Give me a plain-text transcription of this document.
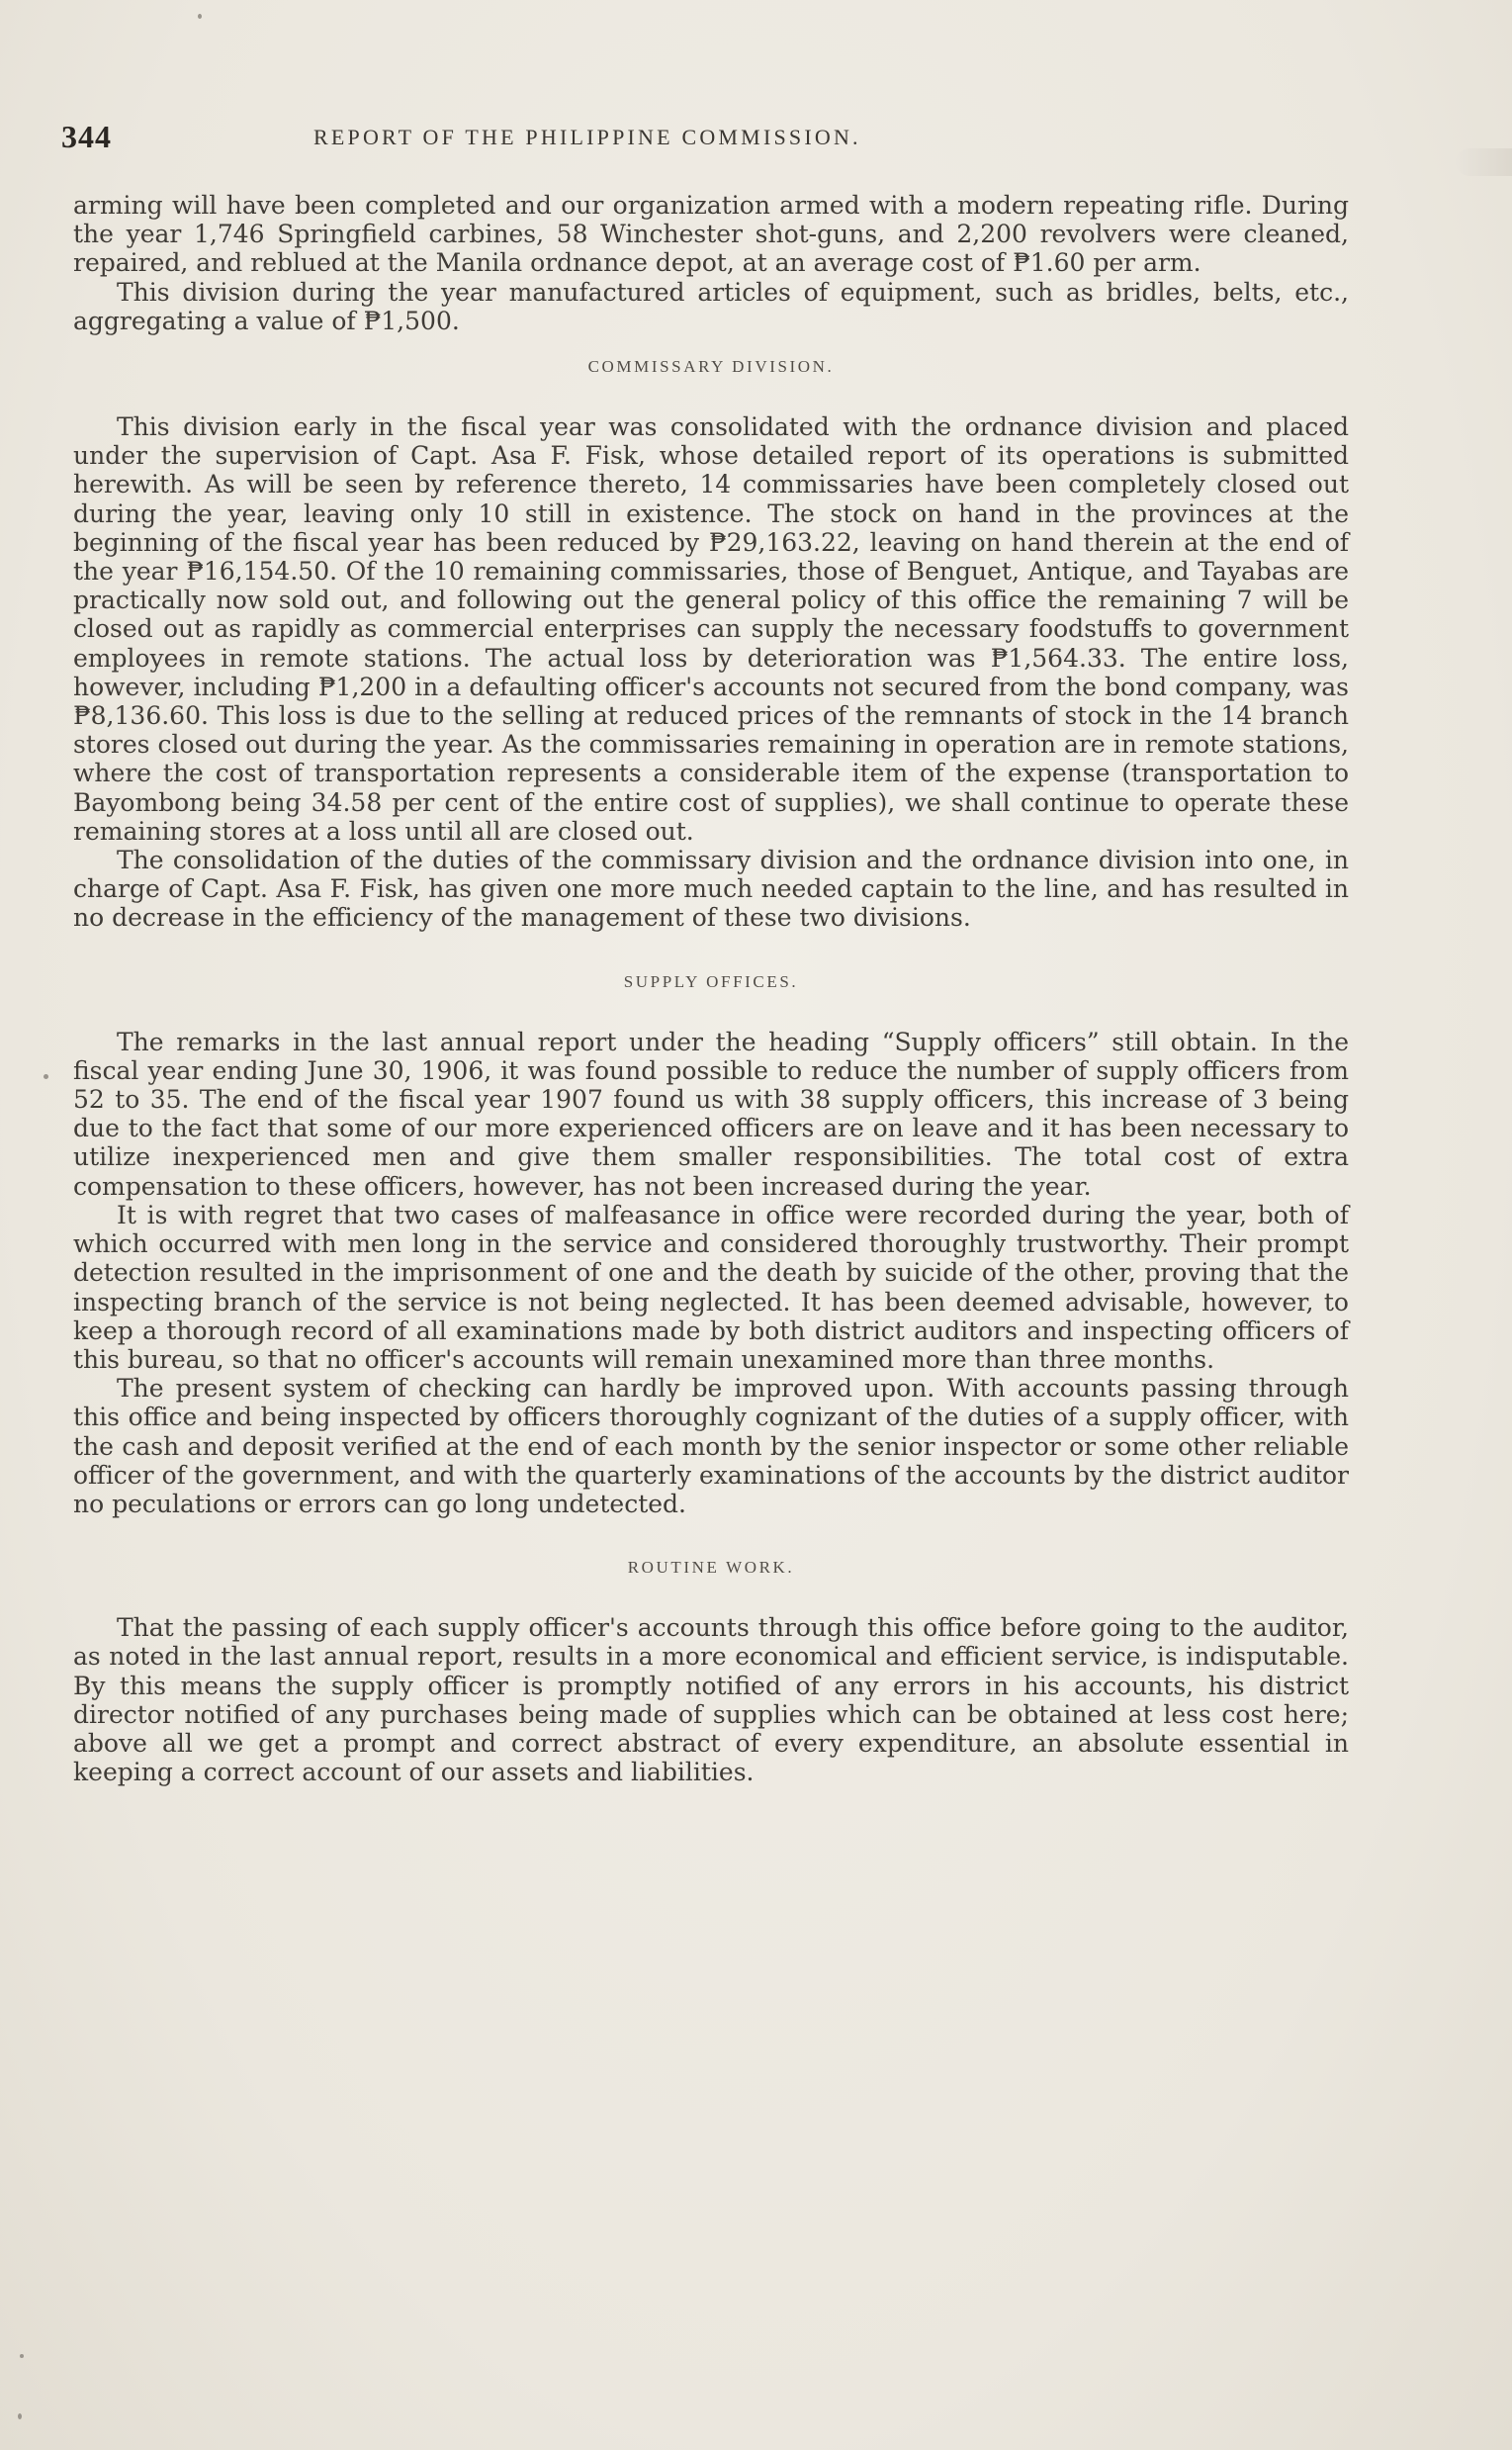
344	REPORT OF THE PHILIPPINE COMMISSION.

arming will have been completed and our organization armed with a modern repeating rifle. During the year 1,746 Springfield carbines, 58 Winchester shot-guns, and 2,200 revolvers were cleaned, repaired, and reblued at the Manila ordnance depot, at an average cost of ₱1.60 per arm.

This division during the year manufactured articles of equipment, such as bridles, belts, etc., aggregating a value of ₱1,500.

COMMISSARY DIVISION.

This division early in the fiscal year was consolidated with the ordnance division and placed under the supervision of Capt. Asa F. Fisk, whose detailed report of its operations is submitted herewith. As will be seen by reference thereto, 14 commissaries have been completely closed out during the year, leaving only 10 still in existence. The stock on hand in the provinces at the beginning of the fiscal year has been reduced by ₱29,163.22, leaving on hand therein at the end of the year ₱16,154.50. Of the 10 remaining commissaries, those of Benguet, Antique, and Tayabas are practically now sold out, and following out the general policy of this office the remaining 7 will be closed out as rapidly as commercial enterprises can supply the necessary foodstuffs to government employees in remote stations. The actual loss by deterioration was ₱1,564.33. The entire loss, however, including ₱1,200 in a defaulting officer's accounts not secured from the bond company, was ₱8,136.60. This loss is due to the selling at reduced prices of the remnants of stock in the 14 branch stores closed out during the year. As the commissaries remaining in operation are in remote stations, where the cost of transportation represents a considerable item of the expense (transportation to Bayombong being 34.58 per cent of the entire cost of supplies), we shall continue to operate these remaining stores at a loss until all are closed out.

The consolidation of the duties of the commissary division and the ordnance division into one, in charge of Capt. Asa F. Fisk, has given one more much needed captain to the line, and has resulted in no decrease in the efficiency of the management of these two divisions.

SUPPLY OFFICES.

The remarks in the last annual report under the heading “Supply officers” still obtain. In the fiscal year ending June 30, 1906, it was found possible to reduce the number of supply officers from 52 to 35. The end of the fiscal year 1907 found us with 38 supply officers, this increase of 3 being due to the fact that some of our more experienced officers are on leave and it has been necessary to utilize inexperienced men and give them smaller responsibilities. The total cost of extra compensation to these officers, however, has not been increased during the year.

It is with regret that two cases of malfeasance in office were recorded during the year, both of which occurred with men long in the service and considered thoroughly trustworthy. Their prompt detection resulted in the imprisonment of one and the death by suicide of the other, proving that the inspecting branch of the service is not being neglected. It has been deemed advisable, however, to keep a thorough record of all examinations made by both district auditors and inspecting officers of this bureau, so that no officer's accounts will remain unexamined more than three months.

The present system of checking can hardly be improved upon. With accounts passing through this office and being inspected by officers thoroughly cognizant of the duties of a supply officer, with the cash and deposit verified at the end of each month by the senior inspector or some other reliable officer of the government, and with the quarterly examinations of the accounts by the district auditor no peculations or errors can go long undetected.

ROUTINE WORK.

That the passing of each supply officer's accounts through this office before going to the auditor, as noted in the last annual report, results in a more economical and efficient service, is indisputable. By this means the supply officer is promptly notified of any errors in his accounts, his district director notified of any purchases being made of supplies which can be obtained at less cost here; above all we get a prompt and correct abstract of every expenditure, an absolute essential in keeping a correct account of our assets and liabilities.
